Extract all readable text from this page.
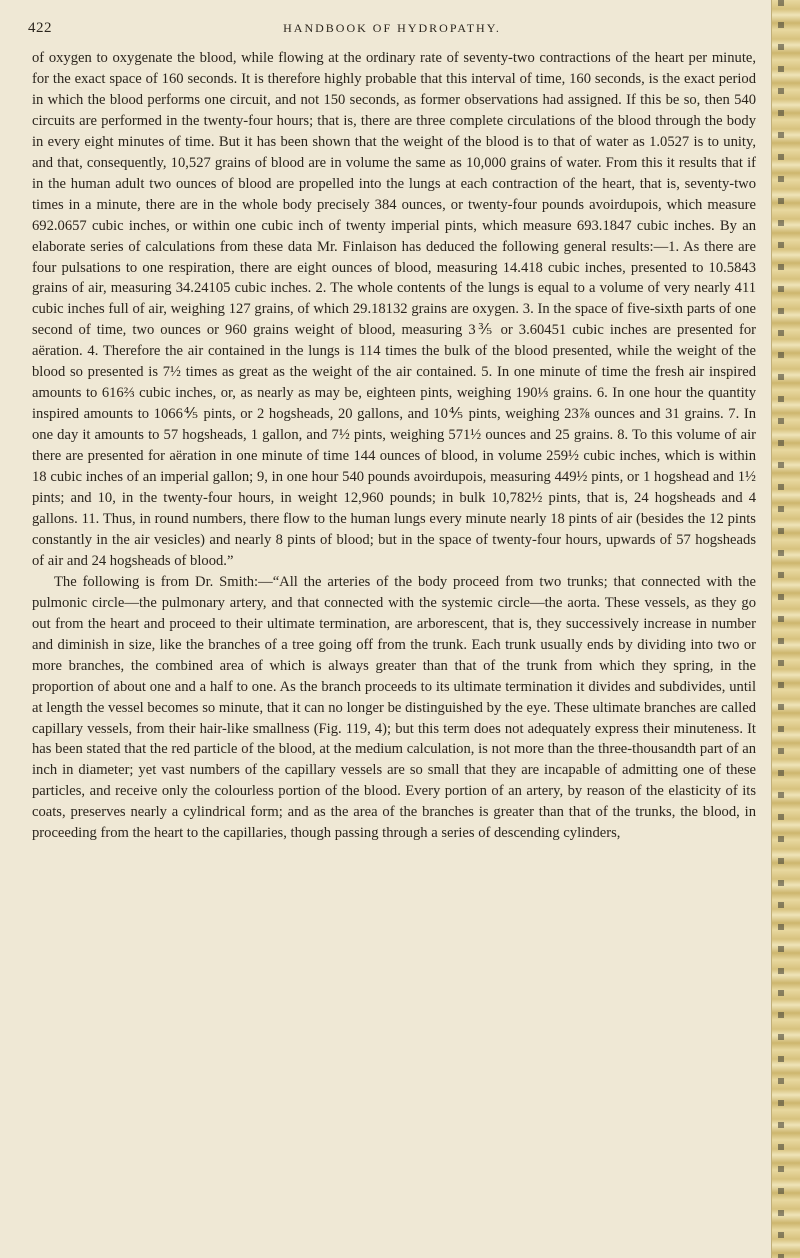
422	HANDBOOK OF HYDROPATHY.

of oxygen to oxygenate the blood, while flowing at the ordinary rate of seventy-two contractions of the heart per minute, for the exact space of 160 seconds. It is therefore highly probable that this interval of time, 160 seconds, is the exact period in which the blood performs one circuit, and not 150 seconds, as former observations had assigned. If this be so, then 540 circuits are performed in the twenty-four hours; that is, there are three complete circulations of the blood through the body in every eight minutes of time. But it has been shown that the weight of the blood is to that of water as 1.0527 is to unity, and that, consequently, 10,527 grains of blood are in volume the same as 10,000 grains of water. From this it results that if in the human adult two ounces of blood are propelled into the lungs at each contraction of the heart, that is, seventy-two times in a minute, there are in the whole body precisely 384 ounces, or twenty-four pounds avoirdupois, which measure 692.0657 cubic inches, or within one cubic inch of twenty imperial pints, which measure 693.1847 cubic inches. By an elaborate series of calculations from these data Mr. Finlaison has deduced the following general results:—1. As there are four pulsations to one respiration, there are eight ounces of blood, measuring 14.418 cubic inches, presented to 10.5843 grains of air, measuring 34.24105 cubic inches. 2. The whole contents of the lungs is equal to a volume of very nearly 411 cubic inches full of air, weighing 127 grains, of which 29.18132 grains are oxygen. 3. In the space of five-sixth parts of one second of time, two ounces or 960 grains weight of blood, measuring 3⅗ or 3.60451 cubic inches are presented for aëration. 4. Therefore the air contained in the lungs is 114 times the bulk of the blood presented, while the weight of the blood so presented is 7½ times as great as the weight of the air contained. 5. In one minute of time the fresh air inspired amounts to 616⅔ cubic inches, or, as nearly as may be, eighteen pints, weighing 190⅓ grains. 6. In one hour the quantity inspired amounts to 1066⅘ pints, or 2 hogsheads, 20 gallons, and 10⅘ pints, weighing 23⅞ ounces and 31 grains. 7. In one day it amounts to 57 hogsheads, 1 gallon, and 7½ pints, weighing 571½ ounces and 25 grains. 8. To this volume of air there are presented for aëration in one minute of time 144 ounces of blood, in volume 259½ cubic inches, which is within 18 cubic inches of an imperial gallon; 9, in one hour 540 pounds avoirdupois, measuring 449½ pints, or 1 hogshead and 1½ pints; and 10, in the twenty-four hours, in weight 12,960 pounds; in bulk 10,782½ pints, that is, 24 hogsheads and 4 gallons. 11. Thus, in round numbers, there flow to the human lungs every minute nearly 18 pints of air (besides the 12 pints constantly in the air vesicles) and nearly 8 pints of blood; but in the space of twenty-four hours, upwards of 57 hogsheads of air and 24 hogsheads of blood.”

The following is from Dr. Smith:—“All the arteries of the body proceed from two trunks; that connected with the pulmonic circle—the pulmonary artery, and that connected with the systemic circle—the aorta. These vessels, as they go out from the heart and proceed to their ultimate termination, are arborescent, that is, they successively increase in number and diminish in size, like the branches of a tree going off from the trunk. Each trunk usually ends by dividing into two or more branches, the combined area of which is always greater than that of the trunk from which they spring, in the proportion of about one and a half to one. As the branch proceeds to its ultimate termination it divides and subdivides, until at length the vessel becomes so minute, that it can no longer be distinguished by the eye. These ultimate branches are called capillary vessels, from their hair-like smallness (Fig. 119, 4); but this term does not adequately express their minuteness. It has been stated that the red particle of the blood, at the medium calculation, is not more than the three-thousandth part of an inch in diameter; yet vast numbers of the capillary vessels are so small that they are incapable of admitting one of these particles, and receive only the colourless portion of the blood. Every portion of an artery, by reason of the elasticity of its coats, preserves nearly a cylindrical form; and as the area of the branches is greater than that of the trunks, the blood, in proceeding from the heart to the capillaries, though passing through a series of descending cylinders,
